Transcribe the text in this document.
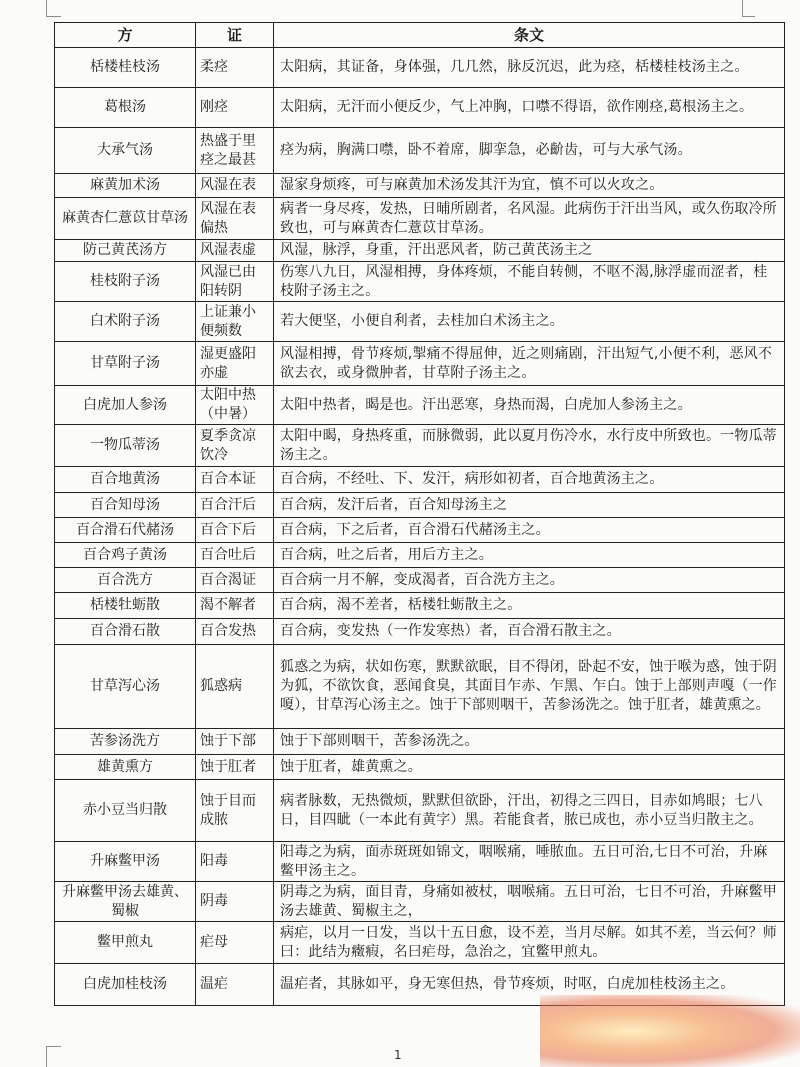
方	证	条文
栝楼桂枝汤	柔痉	太阳病，其证备，身体强，几几然，脉反沉迟，此为痉，栝楼桂枝汤主之。
葛根汤	刚痉	太阳病，无汗而小便反少，气上冲胸，口噤不得语，欲作刚痉,葛根汤主之。
大承气汤	热盛于里痉之最甚	痉为病，胸满口噤，卧不着席，脚挛急，必齘齿，可与大承气汤。
麻黄加术汤	风湿在表	湿家身烦疼，可与麻黄加术汤发其汗为宜，慎不可以火攻之。
麻黄杏仁薏苡甘草汤	风湿在表偏热	病者一身尽疼，发热，日晡所剧者，名风湿。此病伤于汗出当风，或久伤取冷所致也，可与麻黄杏仁薏苡甘草汤。
防己黄芪汤方	风湿表虚	风湿，脉浮，身重，汗出恶风者，防己黄芪汤主之
桂枝附子汤	风湿已由阳转阴	伤寒八九日，风湿相搏，身体疼烦，不能自转侧，不呕不渴,脉浮虚而涩者，桂枝附子汤主之。
白术附子汤	上证兼小便频数	若大便坚，小便自利者，去桂加白术汤主之。
甘草附子汤	湿更盛阳亦虚	风湿相搏，骨节疼烦,掣痛不得屈伸，近之则痛剧，汗出短气,小便不利，恶风不欲去衣，或身微肿者，甘草附子汤主之。
白虎加人参汤	太阳中热（中暑）	太阳中热者，暍是也。汗出恶寒，身热而渴，白虎加人参汤主之。
一物瓜蒂汤	夏季贪凉饮冷	太阳中暍，身热疼重，而脉微弱，此以夏月伤冷水，水行皮中所致也。一物瓜蒂汤主之。
百合地黄汤	百合本证	百合病，不经吐、下、发汗，病形如初者，百合地黄汤主之。
百合知母汤	百合汗后	百合病，发汗后者，百合知母汤主之
百合滑石代赭汤	百合下后	百合病，下之后者，百合滑石代赭汤主之。
百合鸡子黄汤	百合吐后	百合病，吐之后者，用后方主之。
百合洗方	百合渴证	百合病一月不解，变成渴者，百合洗方主之。
栝楼牡蛎散	渴不解者	百合病，渴不差者，栝楼牡蛎散主之。
百合滑石散	百合发热	百合病，变发热（一作发寒热）者，百合滑石散主之。
甘草泻心汤	狐惑病	狐惑之为病，状如伤寒，默默欲眠，目不得闭，卧起不安，蚀于喉为惑，蚀于阴为狐，不欲饮食，恶闻食臭，其面目乍赤、乍黑、乍白。蚀于上部则声嘎（一作嗄），甘草泻心汤主之。蚀于下部则咽干，苦参汤洗之。蚀于肛者，雄黄熏之。
苦参汤洗方	蚀于下部	蚀于下部则咽干，苦参汤洗之。
雄黄熏方	蚀于肛者	蚀于肛者，雄黄熏之。
赤小豆当归散	蚀于目而成脓	病者脉数，无热微烦，默默但欲卧，汗出，初得之三四日，目赤如鸠眼；七八日，目四眦（一本此有黄字）黑。若能食者，脓已成也，赤小豆当归散主之。
升麻鳖甲汤	阳毒	阳毒之为病，面赤斑斑如锦文，咽喉痛，唾脓血。五日可治,七日不可治，升麻鳖甲汤主之。
升麻鳖甲汤去雄黄、蜀椒	阴毒	阴毒之为病，面目青，身痛如被杖，咽喉痛。五日可治，七日不可治，升麻鳖甲汤去雄黄、蜀椒主之，
鳖甲煎丸	疟母	病疟，以月一日发，当以十五日愈，设不差，当月尽解。如其不差，当云何？师曰：此结为癥瘕，名曰疟母，急治之，宜鳖甲煎丸。
白虎加桂枝汤	温疟	温疟者，其脉如平，身无寒但热，骨节疼烦，时呕，白虎加桂枝汤主之。
1
